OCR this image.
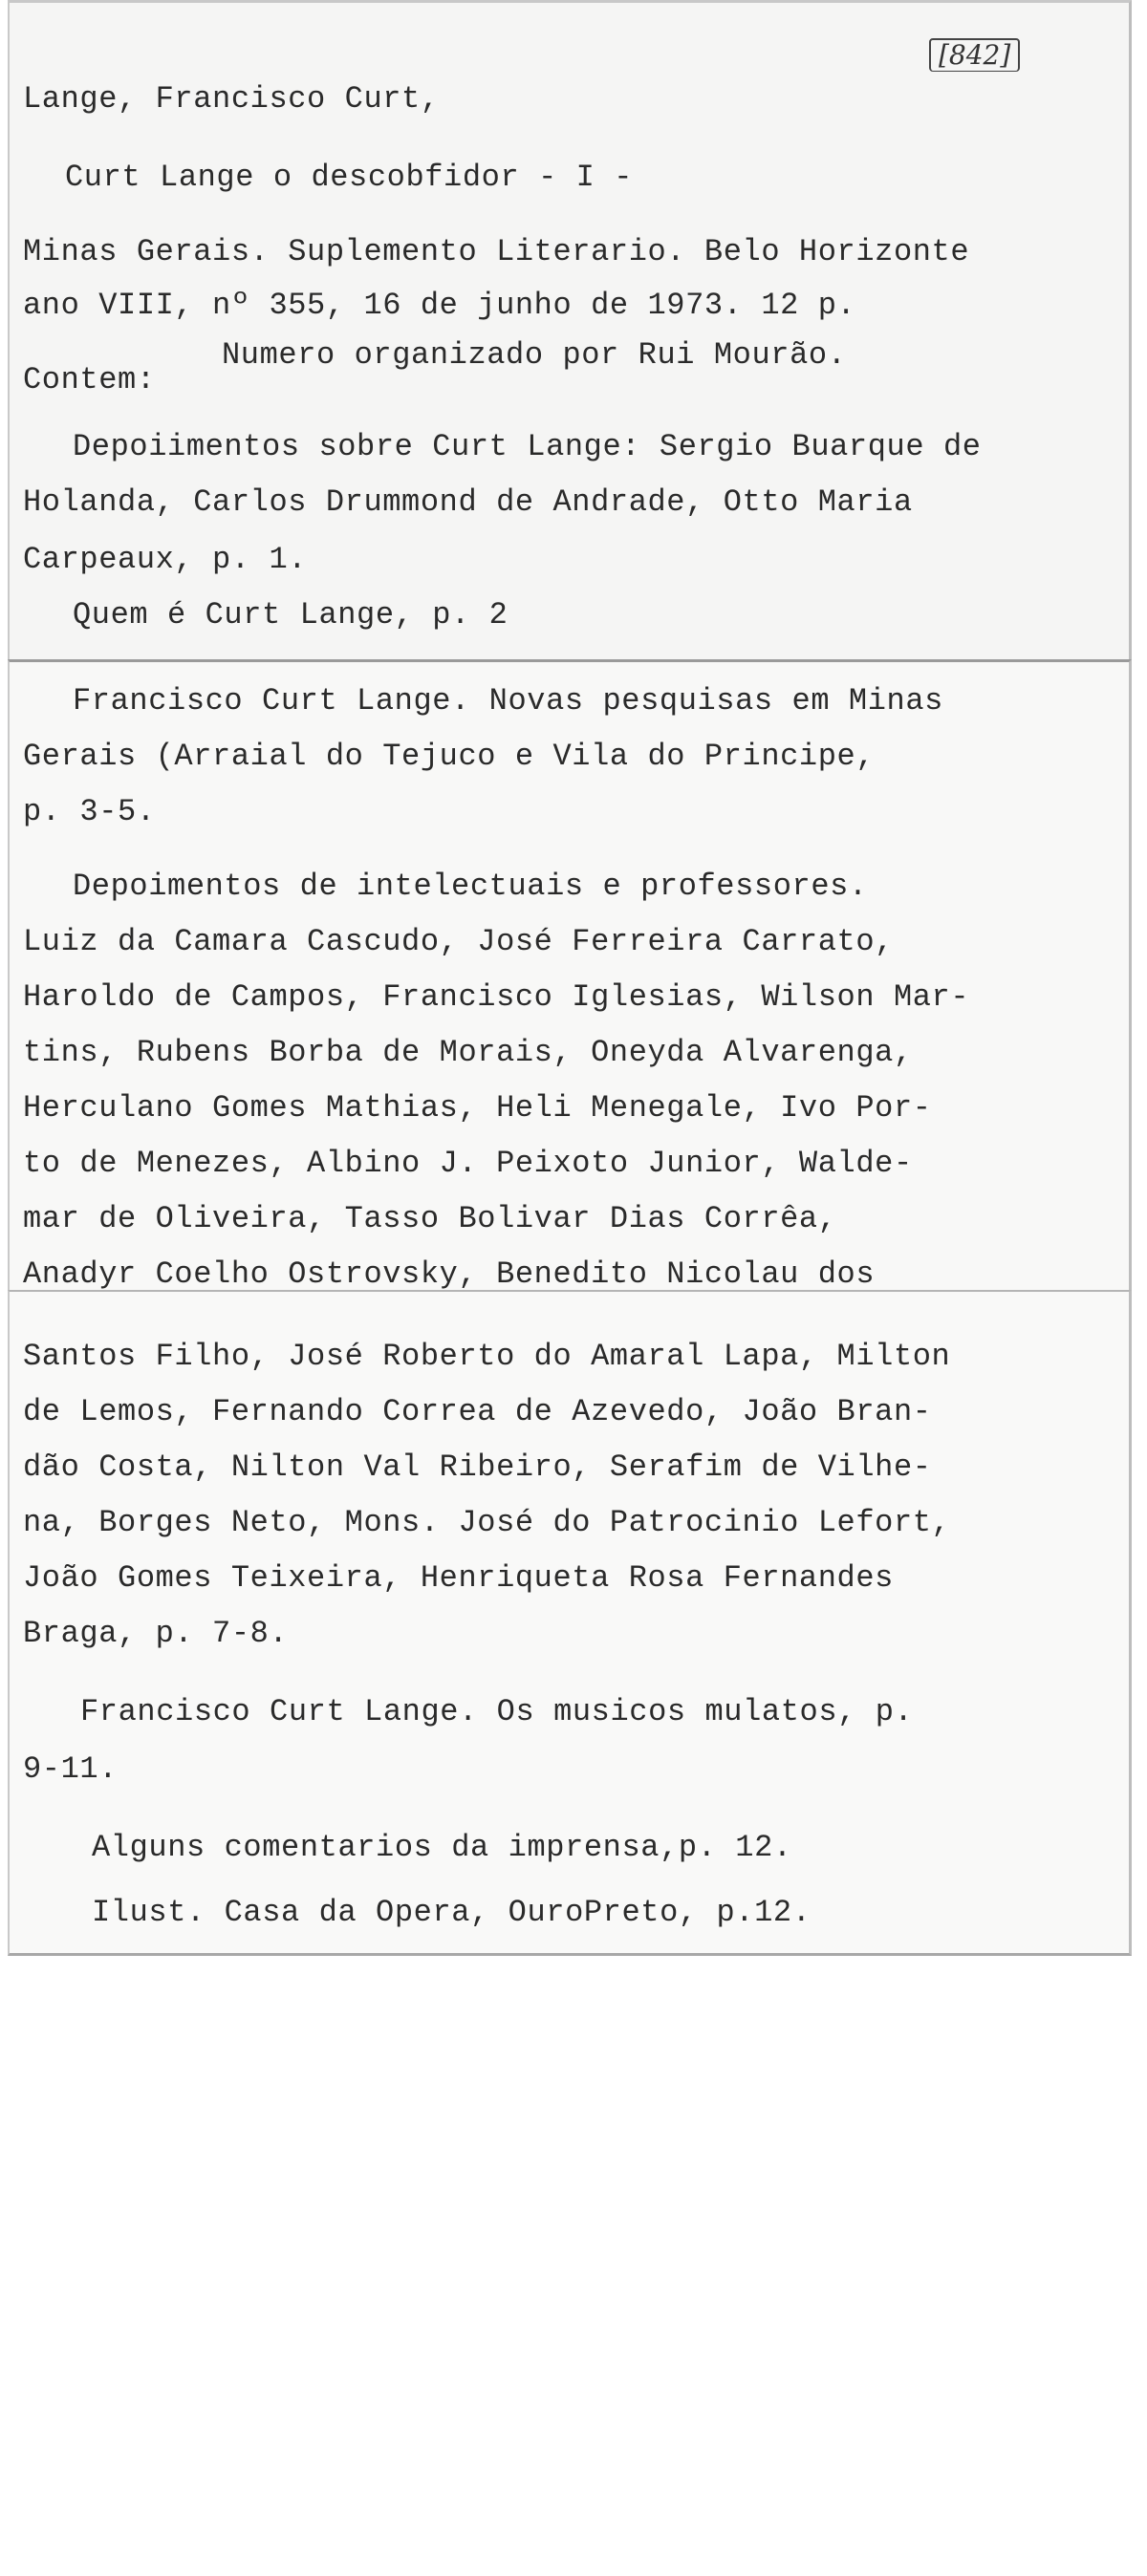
[842]
Lange, Francisco Curt,
Curt Lange o descobfidor - I -
Minas Gerais. Suplemento Literario. Belo Horizonte
ano VIII, nº 355, 16 de junho de 1973. 12 p.
Numero organizado por Rui Mourão.
Contem:
Depoiimentos sobre Curt Lange: Sergio Buarque de
Holanda, Carlos Drummond de Andrade, Otto Maria
Carpeaux, p. 1.
Quem é Curt Lange, p. 2
Francisco Curt Lange. Novas pesquisas em Minas
Gerais (Arraial do Tejuco e Vila do Principe,
p. 3-5.
Depoimentos de intelectuais e professores.
Luiz da Camara Cascudo, José Ferreira Carrato,
Haroldo de Campos, Francisco Iglesias, Wilson Mar-
tins, Rubens Borba de Morais, Oneyda Alvarenga,
Herculano Gomes Mathias, Heli Menegale, Ivo Por-
to de Menezes, Albino J. Peixoto Junior, Walde-
mar de Oliveira, Tasso Bolivar Dias Corrêa,
Anadyr Coelho Ostrovsky, Benedito Nicolau dos
Santos Filho, José Roberto do Amaral Lapa, Milton
de Lemos, Fernando Correa de Azevedo, João Bran-
dão Costa, Nilton Val Ribeiro, Serafim de Vilhe-
na, Borges Neto, Mons. José do Patrocinio Lefort,
João Gomes Teixeira, Henriqueta Rosa Fernandes
Braga, p. 7-8.
Francisco Curt Lange. Os musicos mulatos, p.
9-11.
Alguns comentarios da imprensa,p. 12.
Ilust. Casa da Opera, OuroPreto, p.12.
